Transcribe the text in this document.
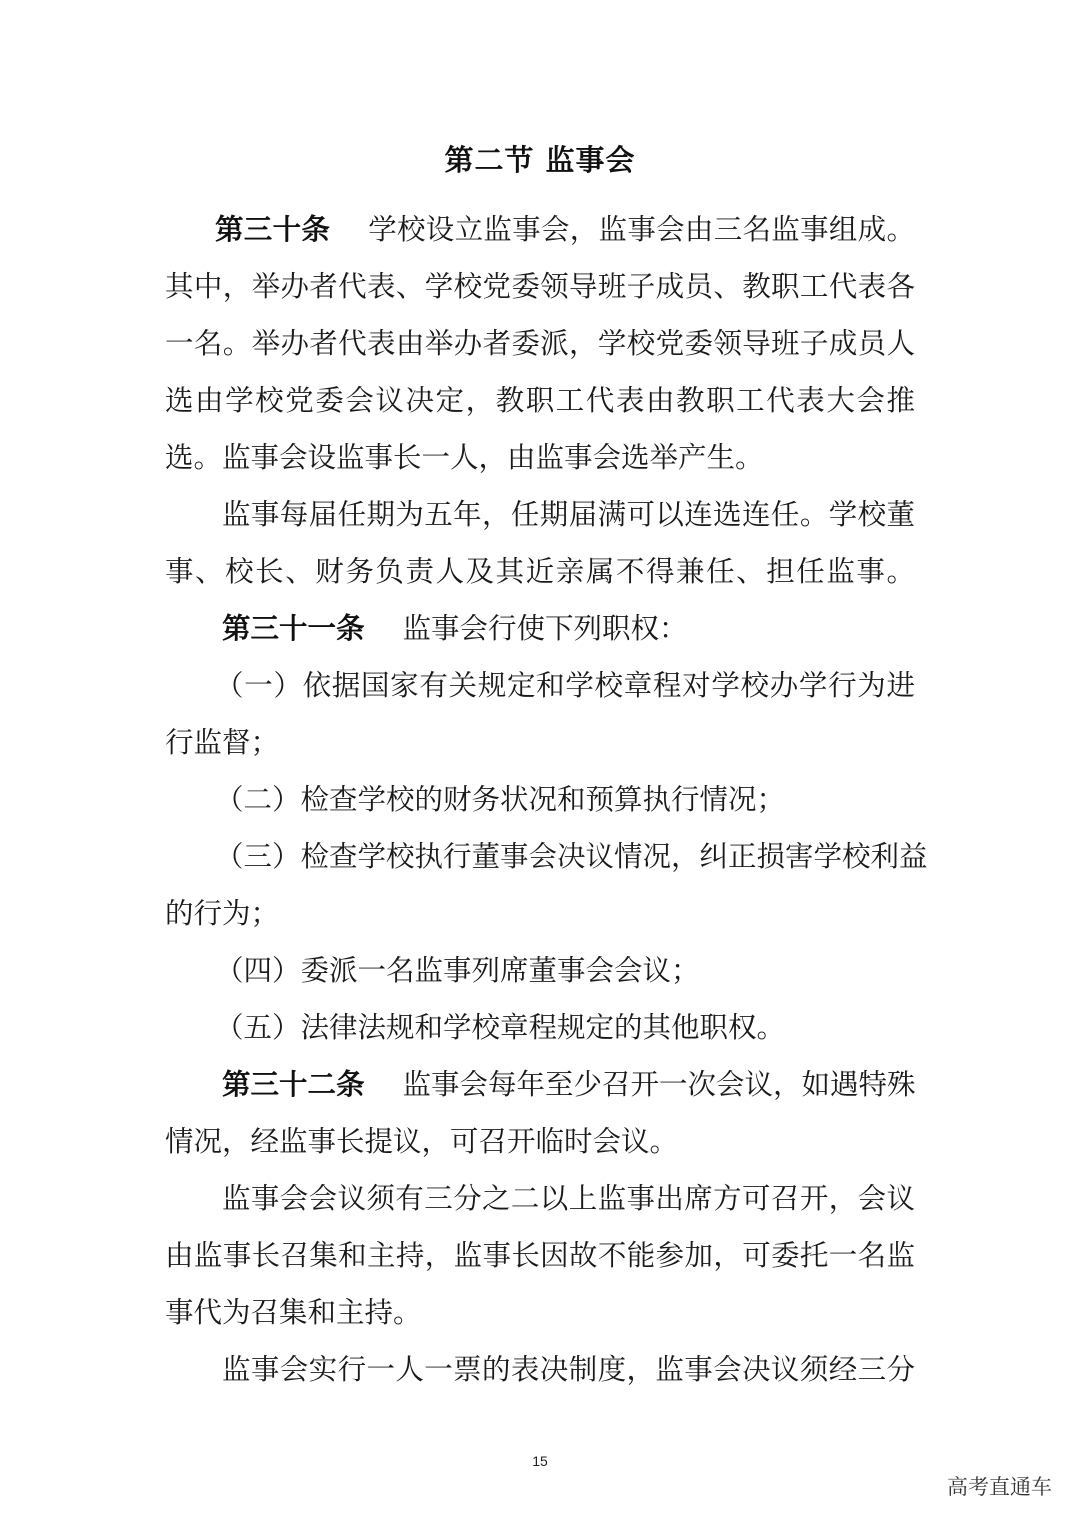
第二节 监事会
第三十条 学校设立监事会，监事会由三名监事组成。
其中，举办者代表、学校党委领导班子成员、教职工代表各
一名。举办者代表由举办者委派，学校党委领导班子成员人
选由学校党委会议决定，教职工代表由教职工代表大会推
选。监事会设监事长一人，由监事会选举产生。
监事每届任期为五年，任期届满可以连选连任。学校董
事、校长、财务负责人及其近亲属不得兼任、担任监事。
第三十一条 监事会行使下列职权：
（一）依据国家有关规定和学校章程对学校办学行为进
行监督；
（二）检查学校的财务状况和预算执行情况；
（三）检查学校执行董事会决议情况，纠正损害学校利益
的行为；
（四）委派一名监事列席董事会会议；
（五）法律法规和学校章程规定的其他职权。
第三十二条 监事会每年至少召开一次会议，如遇特殊
情况，经监事长提议，可召开临时会议。
监事会会议须有三分之二以上监事出席方可召开，会议
由监事长召集和主持，监事长因故不能参加，可委托一名监
事代为召集和主持。
监事会实行一人一票的表决制度，监事会决议须经三分
15
高考直通车
